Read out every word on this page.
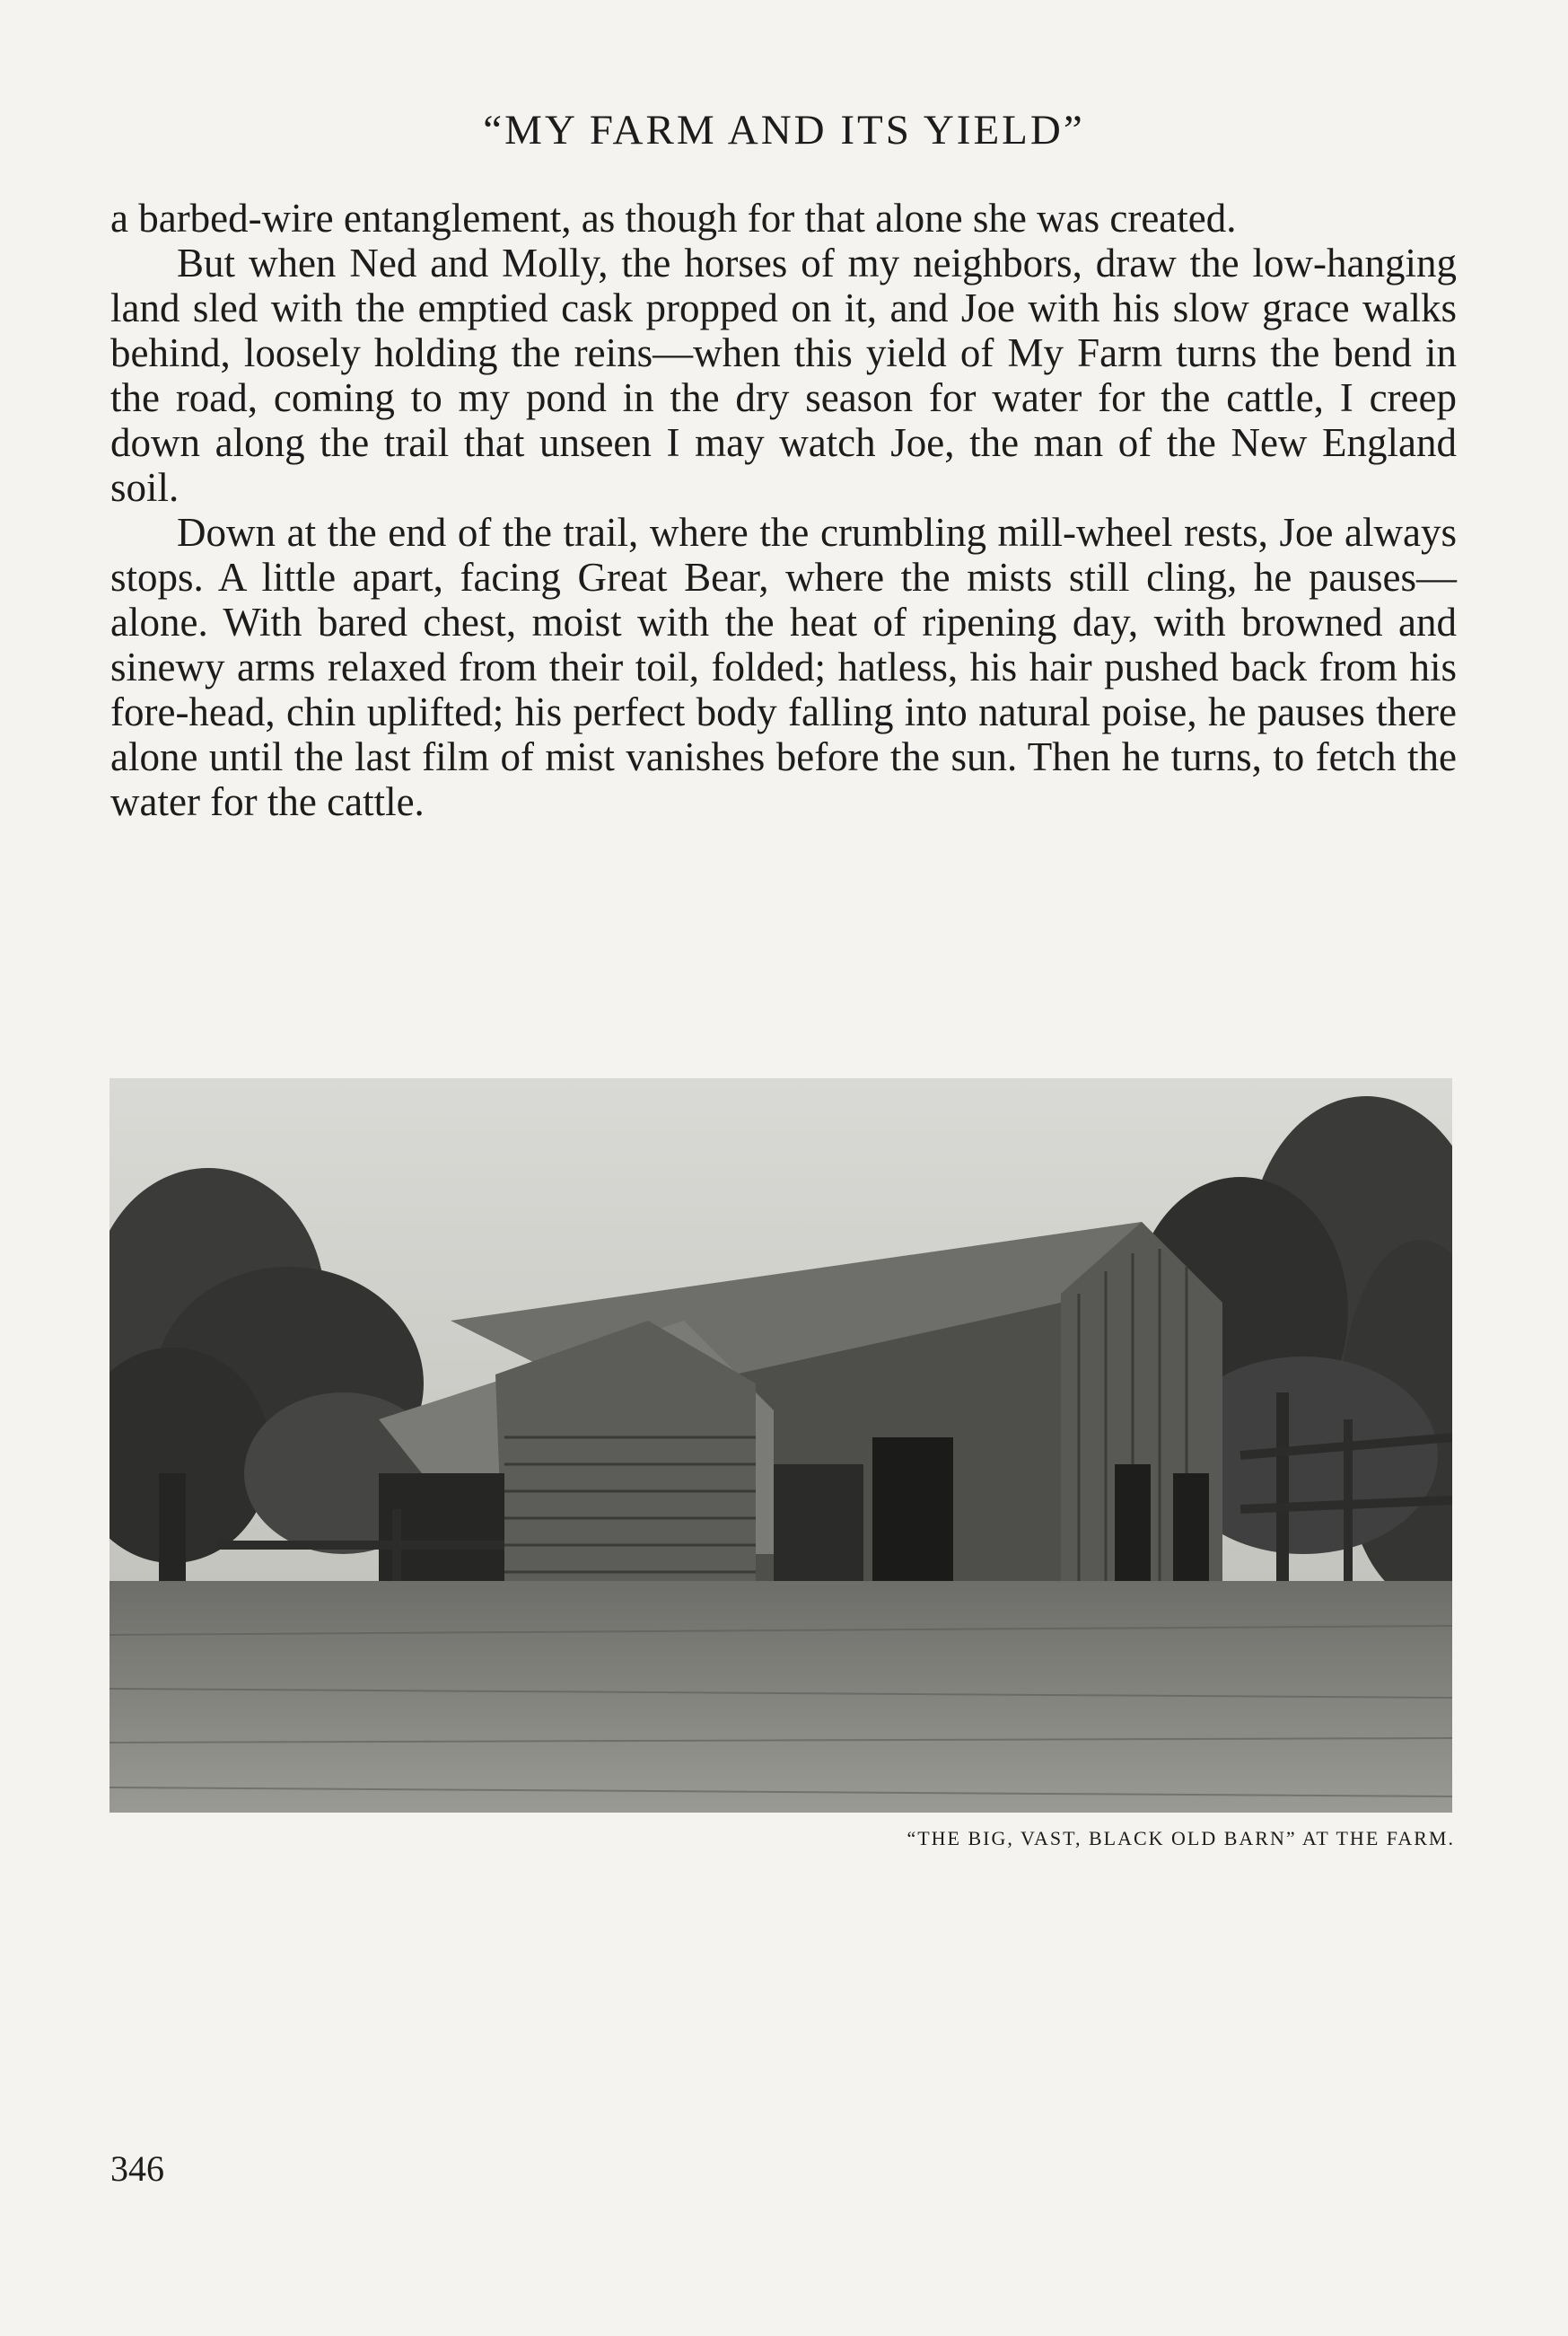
“MY FARM AND ITS YIELD”

a barbed-wire entanglement, as though for that alone she was created.

But when Ned and Molly, the horses of my neighbors, draw the low-hanging land sled with the emptied cask propped on it, and Joe with his slow grace walks behind, loosely holding the reins—when this yield of My Farm turns the bend in the road, coming to my pond in the dry season for water for the cattle, I creep down along the trail that unseen I may watch Joe, the man of the New England soil.

Down at the end of the trail, where the crumbling mill-wheel rests, Joe always stops. A little apart, facing Great Bear, where the mists still cling, he pauses—alone. With bared chest, moist with the heat of ripening day, with browned and sinewy arms relaxed from their toil, folded; hatless, his hair pushed back from his fore-head, chin uplifted; his perfect body falling into natural poise, he pauses there alone until the last film of mist vanishes before the sun. Then he turns, to fetch the water for the cattle.

“THE BIG, VAST, BLACK OLD BARN” AT THE FARM.
346
